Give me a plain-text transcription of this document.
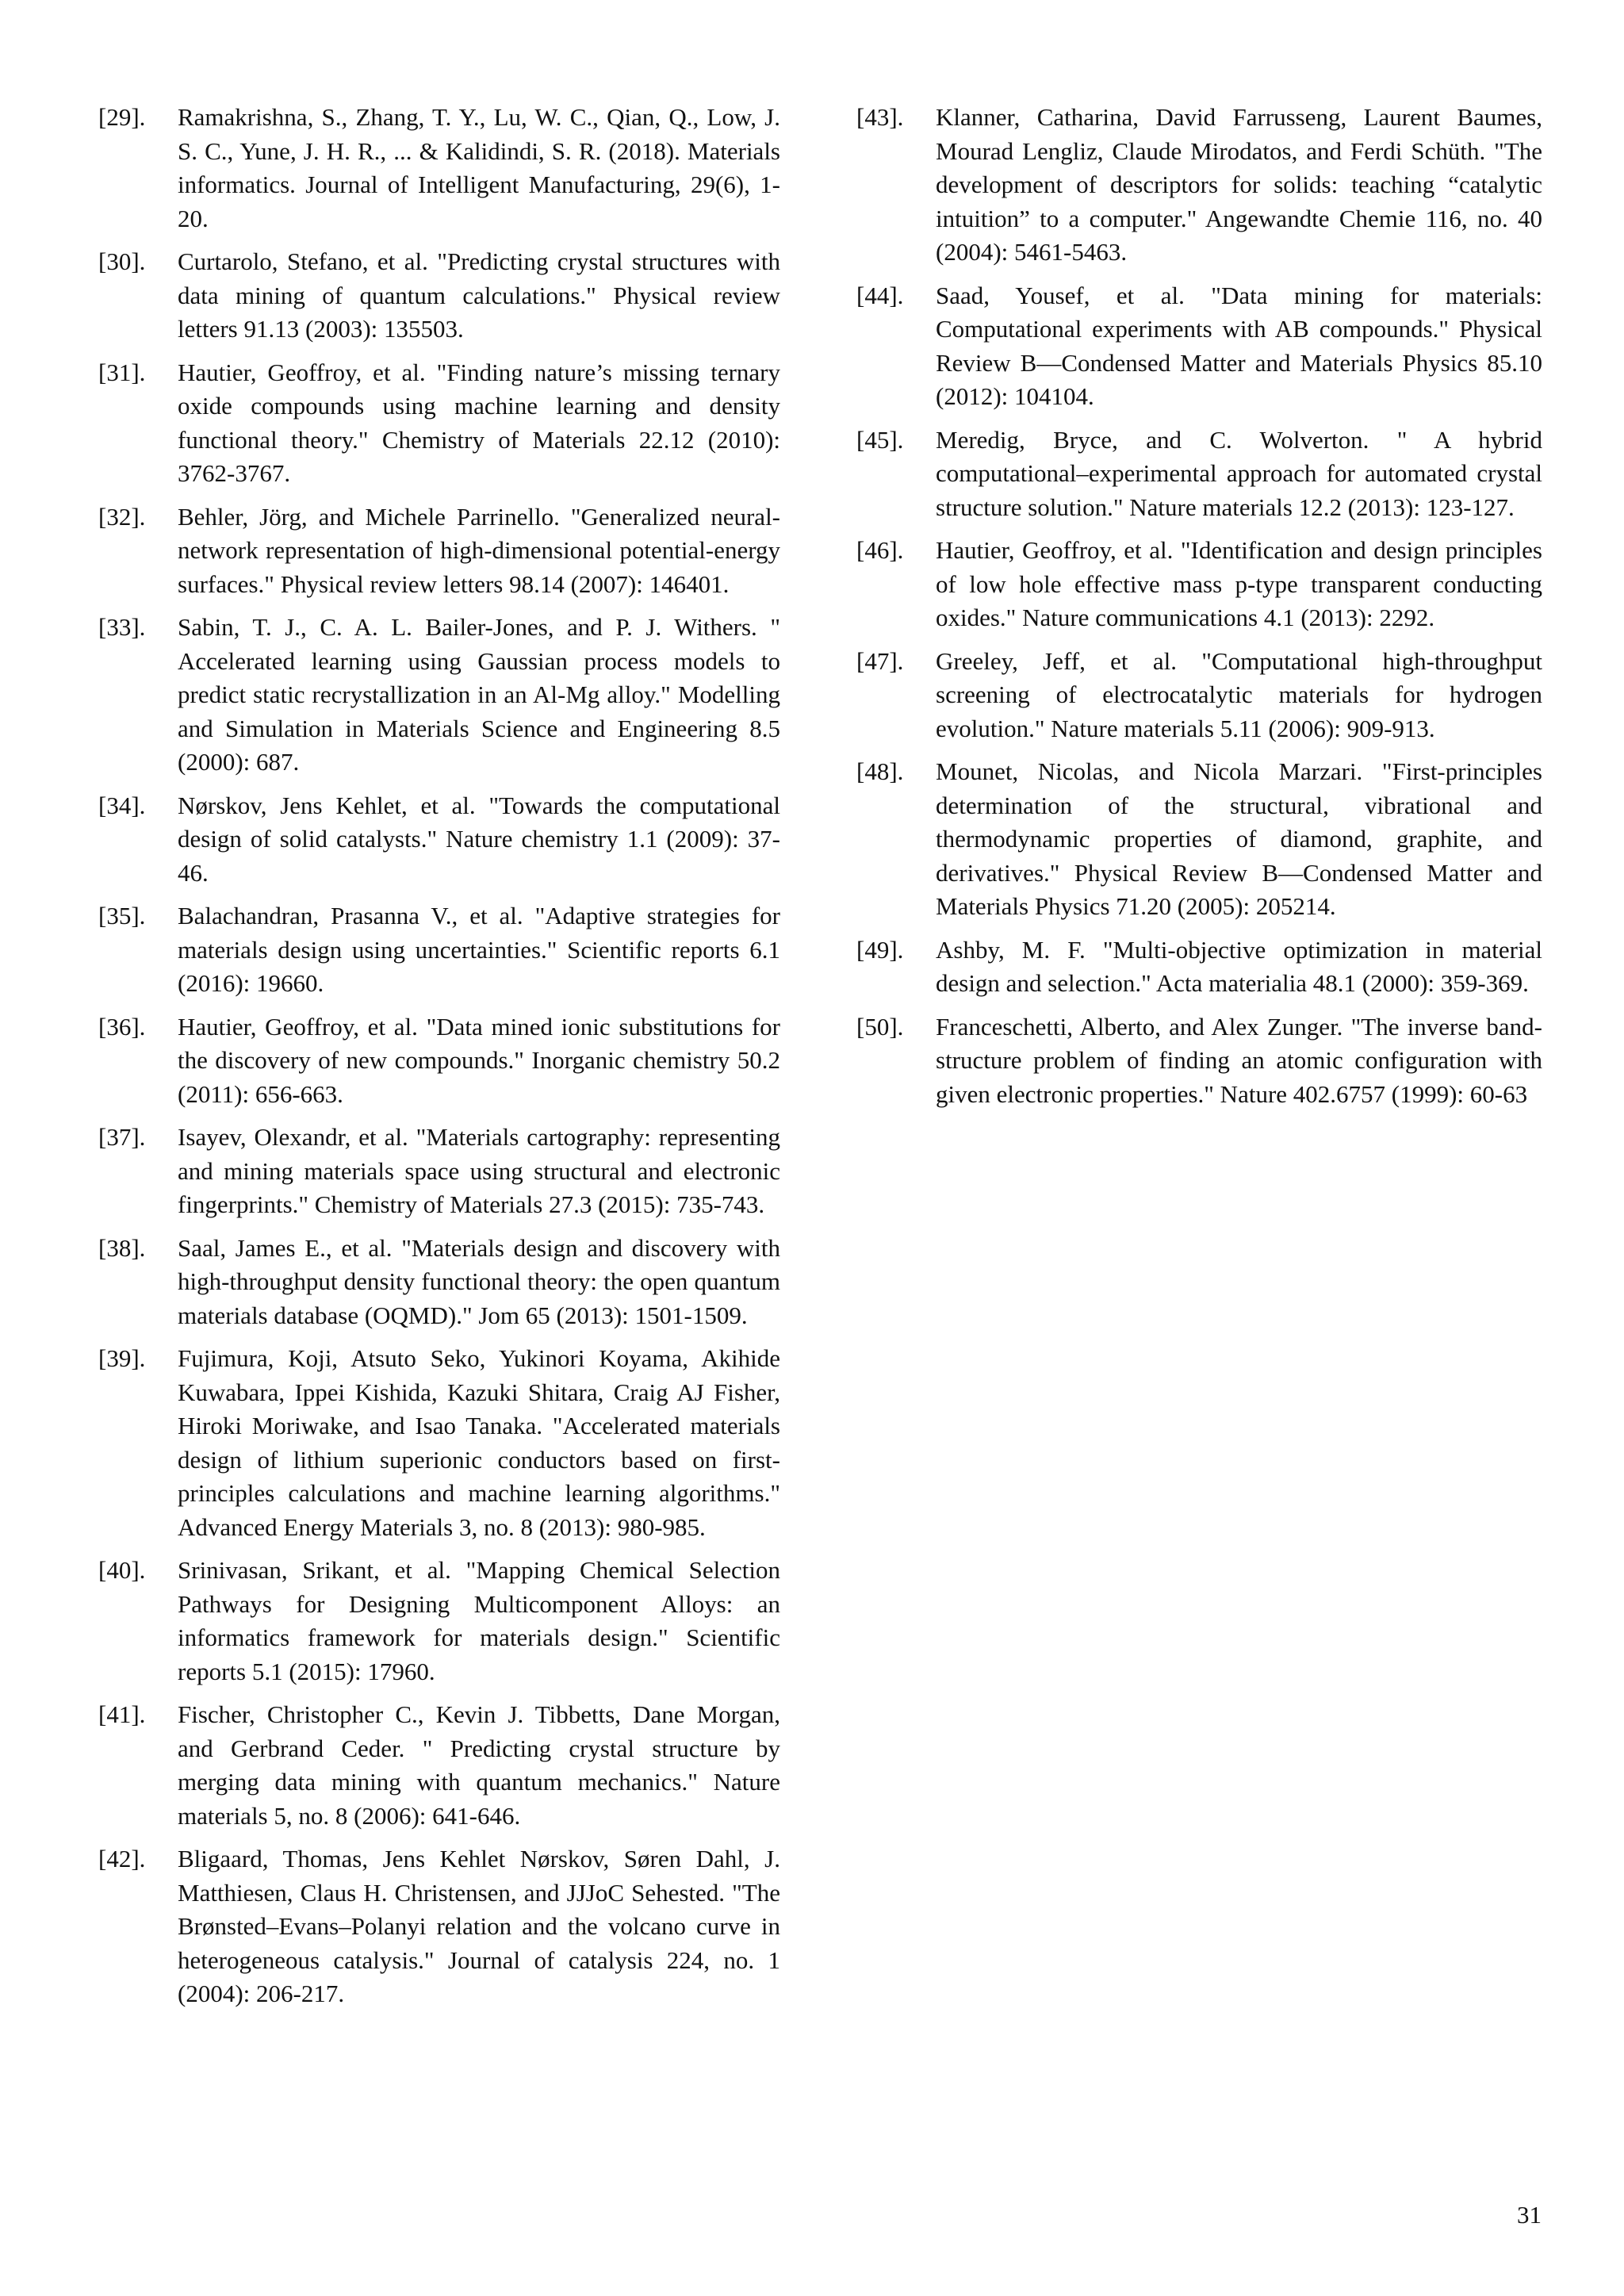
[29].	Ramakrishna, S., Zhang, T. Y., Lu, W. C., Qian, Q., Low, J. S. C., Yune, J. H. R., ... & Kalidindi, S. R. (2018). Materials informatics. Journal of Intelligent Manufacturing, 29(6), 1-20.
[30].	Curtarolo, Stefano, et al. "Predicting crystal structures with data mining of quantum calculations." Physical review letters 91.13 (2003): 135503.
[31].	Hautier, Geoffroy, et al. "Finding nature’s missing ternary oxide compounds using machine learning and density functional theory." Chemistry of Materials 22.12 (2010): 3762-3767.
[32].	Behler, Jörg, and Michele Parrinello. "Generalized neural-network representation of high-dimensional potential-energy surfaces." Physical review letters 98.14 (2007): 146401.
[33].	Sabin, T. J., C. A. L. Bailer-Jones, and P. J. Withers. " Accelerated learning using Gaussian process models to predict static recrystallization in an Al-Mg alloy." Modelling and Simulation in Materials Science and Engineering 8.5 (2000): 687.
[34].	Nørskov, Jens Kehlet, et al. "Towards the computational design of solid catalysts." Nature chemistry 1.1 (2009): 37-46.
[35].	Balachandran, Prasanna V., et al. "Adaptive strategies for materials design using uncertainties." Scientific reports 6.1 (2016): 19660.
[36].	Hautier, Geoffroy, et al. "Data mined ionic substitutions for the discovery of new compounds." Inorganic chemistry 50.2 (2011): 656-663.
[37].	Isayev, Olexandr, et al. "Materials cartography: representing and mining materials space using structural and electronic fingerprints." Chemistry of Materials 27.3 (2015): 735-743.
[38].	Saal, James E., et al. "Materials design and discovery with high-throughput density functional theory: the open quantum materials database (OQMD)." Jom 65 (2013): 1501-1509.
[39].	Fujimura, Koji, Atsuto Seko, Yukinori Koyama, Akihide Kuwabara, Ippei Kishida, Kazuki Shitara, Craig AJ Fisher, Hiroki Moriwake, and Isao Tanaka. "Accelerated materials design of lithium superionic conductors based on first-principles calculations and machine learning algorithms." Advanced Energy Materials 3, no. 8 (2013): 980-985.
[40].	Srinivasan, Srikant, et al. "Mapping Chemical Selection Pathways for Designing Multicomponent Alloys: an informatics framework for materials design." Scientific reports 5.1 (2015): 17960.
[41].	Fischer, Christopher C., Kevin J. Tibbetts, Dane Morgan, and Gerbrand Ceder. " Predicting crystal structure by merging data mining with quantum mechanics." Nature materials 5, no. 8 (2006): 641-646.
[42].	Bligaard, Thomas, Jens Kehlet Nørskov, Søren Dahl, J. Matthiesen, Claus H. Christensen, and JJJoC Sehested. "The Brønsted–Evans–Polanyi relation and the volcano curve in heterogeneous catalysis." Journal of catalysis 224, no. 1 (2004): 206-217.
[43].	Klanner, Catharina, David Farrusseng, Laurent Baumes, Mourad Lengliz, Claude Mirodatos, and Ferdi Schüth. "The development of descriptors for solids: teaching “catalytic intuition” to a computer." Angewandte Chemie 116, no. 40 (2004): 5461-5463.
[44].	Saad, Yousef, et al. "Data mining for materials: Computational experiments with AB compounds." Physical Review B—Condensed Matter and Materials Physics 85.10 (2012): 104104.
[45].	Meredig, Bryce, and C. Wolverton. " A hybrid computational–experimental approach for automated crystal structure solution." Nature materials 12.2 (2013): 123-127.
[46].	Hautier, Geoffroy, et al. "Identification and design principles of low hole effective mass p-type transparent conducting oxides." Nature communications 4.1 (2013): 2292.
[47].	Greeley, Jeff, et al. "Computational high-throughput screening of electrocatalytic materials for hydrogen evolution." Nature materials 5.11 (2006): 909-913.
[48].	Mounet, Nicolas, and Nicola Marzari. "First-principles determination of the structural, vibrational and thermodynamic properties of diamond, graphite, and derivatives." Physical Review B—Condensed Matter and Materials Physics 71.20 (2005): 205214.
[49].	Ashby, M. F. "Multi-objective optimization in material design and selection." Acta materialia 48.1 (2000): 359-369.
[50].	Franceschetti, Alberto, and Alex Zunger. "The inverse band-structure problem of finding an atomic configuration with given electronic properties." Nature 402.6757 (1999): 60-63
31
